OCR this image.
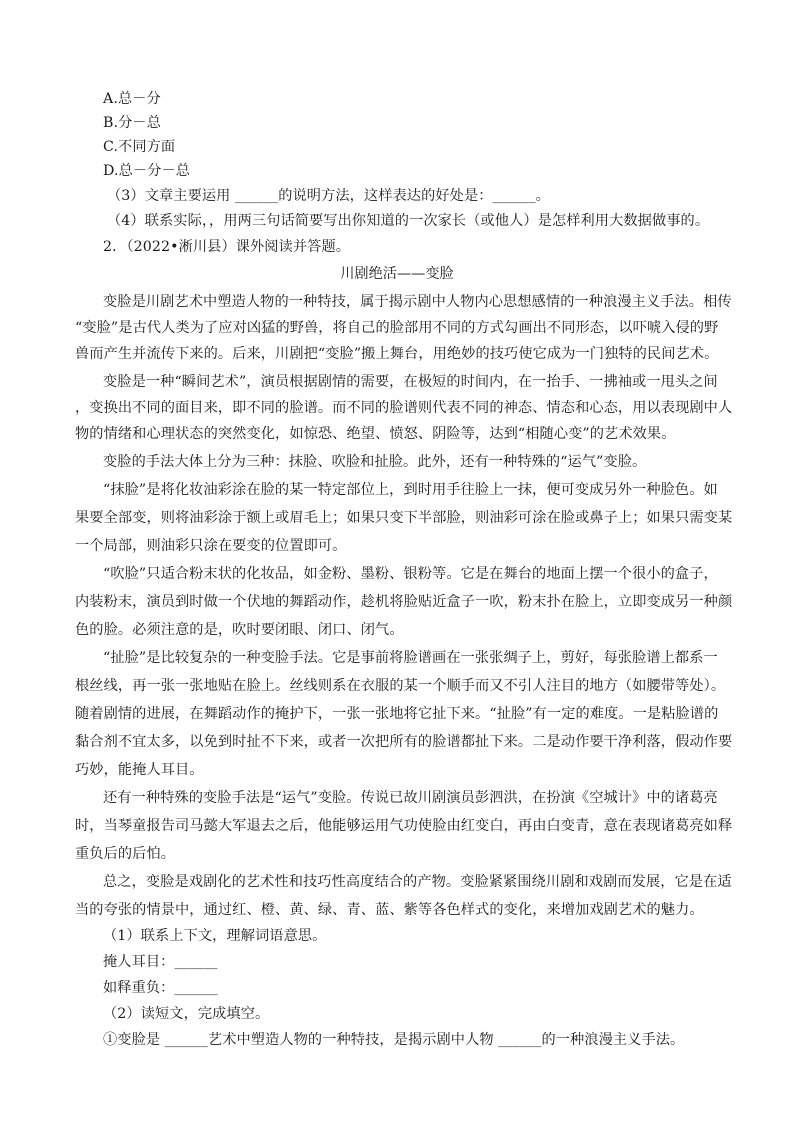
A.总－分
B.分－总
C.不同方面
D.总－分－总
（3）文章主要运用 ______的说明方法，这样表达的好处是：______。
（4）联系实际，，用两三句话简要写出你知道的一次家长（或他人）是怎样利用大数据做事的。
2．（2022•淅川县）课外阅读并答题。
川剧绝活——变脸
变脸是川剧艺术中塑造人物的一种特技，属于揭示剧中人物内心思想感情的一种浪漫主义手法。相传
“变脸”是古代人类为了应对凶猛的野兽，将自己的脸部用不同的方式勾画出不同形态，以吓唬入侵的野
兽而产生并流传下来的。后来，川剧把“变脸”搬上舞台，用绝妙的技巧使它成为一门独特的民间艺术。
变脸是一种“瞬间艺术”，演员根据剧情的需要，在极短的时间内，在一抬手、一拂袖或一甩头之间
，变换出不同的面目来，即不同的脸谱。而不同的脸谱则代表不同的神态、情态和心态，用以表现剧中人
物的情绪和心理状态的突然变化，如惊恐、绝望、愤怒、阴险等，达到“相随心变”的艺术效果。
变脸的手法大体上分为三种：抹脸、吹脸和扯脸。此外，还有一种特殊的“运气”变脸。
“抹脸”是将化妆油彩涂在脸的某一特定部位上，到时用手往脸上一抹，便可变成另外一种脸色。如
果要全部变，则将油彩涂于额上或眉毛上；如果只变下半部脸，则油彩可涂在脸或鼻子上；如果只需变某
一个局部，则油彩只涂在要变的位置即可。
“吹脸”只适合粉末状的化妆品，如金粉、墨粉、银粉等。它是在舞台的地面上摆一个很小的盒子，
内装粉末，演员到时做一个伏地的舞蹈动作，趁机将脸贴近盒子一吹，粉末扑在脸上，立即变成另一种颜
色的脸。必须注意的是，吹时要闭眼、闭口、闭气。
“扯脸”是比较复杂的一种变脸手法。它是事前将脸谱画在一张张绸子上，剪好，每张脸谱上都系一
根丝线，再一张一张地贴在脸上。丝线则系在衣服的某一个顺手而又不引人注目的地方（如腰带等处）。
随着剧情的进展，在舞蹈动作的掩护下，一张一张地将它扯下来。“扯脸”有一定的难度。一是粘脸谱的
黏合剂不宜太多，以免到时扯不下来，或者一次把所有的脸谱都扯下来。二是动作要干净利落，假动作要
巧妙，能掩人耳目。
还有一种特殊的变脸手法是“运气”变脸。传说已故川剧演员彭泗洪，在扮演《空城计》中的诸葛亮
时，当琴童报告司马懿大军退去之后，他能够运用气功使脸由红变白，再由白变青，意在表现诸葛亮如释
重负后的后怕。
总之，变脸是戏剧化的艺术性和技巧性高度结合的产物。变脸紧紧围绕川剧和戏剧而发展，它是在适
当的夸张的情景中，通过红、橙、黄、绿、青、蓝、紫等各色样式的变化，来增加戏剧艺术的魅力。
（1）联系上下文，理解词语意思。
掩人耳目：______
如释重负：______
（2）读短文，完成填空。
①变脸是 ______艺术中塑造人物的一种特技，是揭示剧中人物 ______的一种浪漫主义手法。
